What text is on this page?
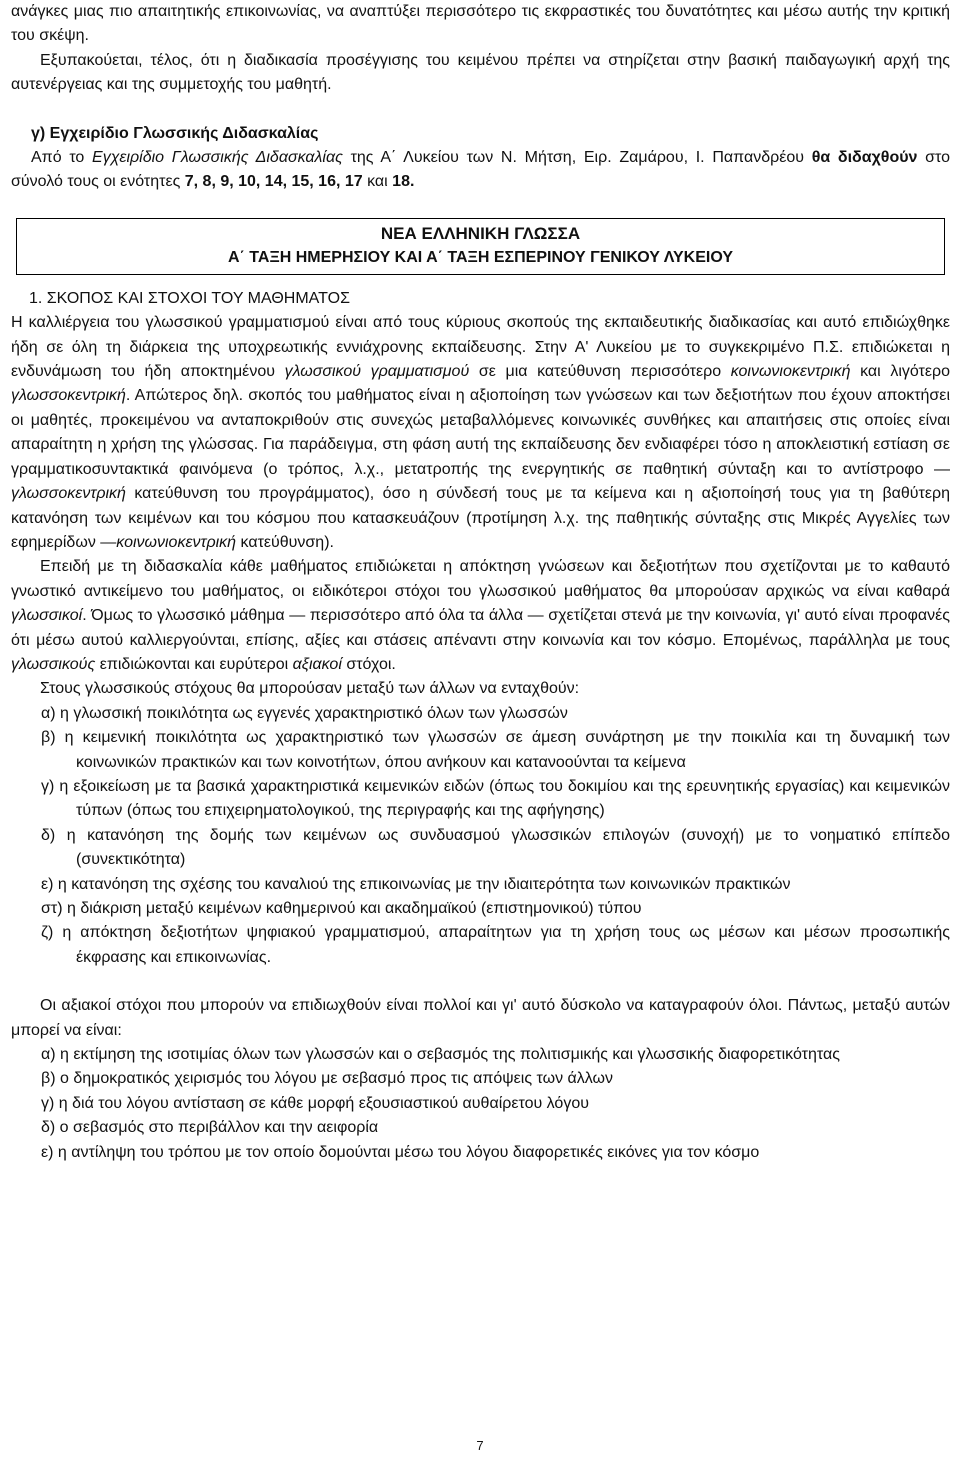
ανάγκες μιας πιο απαιτητικής επικοινωνίας, να αναπτύξει περισσότερο τις εκφραστικές του δυνατότητες και μέσω αυτής την κριτική του σκέψη.

Εξυπακούεται, τέλος, ότι η διαδικασία προσέγγισης του κειμένου πρέπει να στηρίζεται στην βασική παιδαγωγική αρχή της αυτενέργειας και της συμμετοχής του μαθητή.

γ) Εγχειρίδιο Γλωσσικής Διδασκαλίας

Από το Εγχειρίδιο Γλωσσικής Διδασκαλίας της Α΄ Λυκείου των Ν. Μήτση, Ειρ. Ζαμάρου, Ι. Παπανδρέου θα διδαχθούν στο σύνολό τους οι ενότητες 7, 8, 9, 10, 14, 15, 16, 17 και 18.

ΝΕΑ ΕΛΛΗΝΙΚΗ ΓΛΩΣΣΑ
Α΄ ΤΑΞΗ ΗΜΕΡΗΣΙΟΥ ΚΑΙ Α΄ ΤΑΞΗ ΕΣΠΕΡΙΝΟΥ ΓΕΝΙΚΟΥ ΛΥΚΕΙΟΥ

1. ΣΚΟΠΟΣ ΚΑΙ ΣΤΟΧΟΙ ΤΟΥ ΜΑΘΗΜΑΤΟΣ

Η καλλιέργεια του γλωσσικού γραμματισμού είναι από τους κύριους σκοπούς της εκπαιδευτικής διαδικασίας και αυτό επιδιώχθηκε ήδη σε όλη τη διάρκεια της υποχρεωτικής εννιάχρονης εκπαίδευσης. Στην Α' Λυκείου με το συγκεκριμένο Π.Σ. επιδιώκεται η ενδυνάμωση του ήδη αποκτημένου γλωσσικού γραμματισμού σε μια κατεύθυνση περισσότερο κοινωνιοκεντρική και λιγότερο γλωσσοκεντρική. Απώτερος δηλ. σκοπός του μαθήματος είναι η αξιοποίηση των γνώσεων και των δεξιοτήτων που έχουν αποκτήσει οι μαθητές, προκειμένου να ανταποκριθούν στις συνεχώς μεταβαλλόμενες κοινωνικές συνθήκες και απαιτήσεις στις οποίες είναι απαραίτητη η χρήση της γλώσσας. Για παράδειγμα, στη φάση αυτή της εκπαίδευσης δεν ενδιαφέρει τόσο η αποκλειστική εστίαση σε γραμματικοσυντακτικά φαινόμενα (ο τρόπος, λ.χ., μετατροπής της ενεργητικής σε παθητική σύνταξη και το αντίστροφο —γλωσσοκεντρική κατεύθυνση του προγράμματος), όσο η σύνδεσή τους με τα κείμενα και η αξιοποίησή τους για τη βαθύτερη κατανόηση των κειμένων και του κόσμου που κατασκευάζουν (προτίμηση λ.χ. της παθητικής σύνταξης στις Μικρές Αγγελίες των εφημερίδων —κοινωνιοκεντρική κατεύθυνση).

Επειδή με τη διδασκαλία κάθε μαθήματος επιδιώκεται η απόκτηση γνώσεων και δεξιοτήτων που σχετίζονται με το καθαυτό γνωστικό αντικείμενο του μαθήματος, οι ειδικότεροι στόχοι του γλωσσικού μαθήματος θα μπορούσαν αρχικώς να είναι καθαρά γλωσσικοί. Όμως το γλωσσικό μάθημα — περισσότερο από όλα τα άλλα — σχετίζεται στενά με την κοινωνία, γι' αυτό είναι προφανές ότι μέσω αυτού καλλιεργούνται, επίσης, αξίες και στάσεις απέναντι στην κοινωνία και τον κόσμο. Επομένως, παράλληλα με τους γλωσσικούς επιδιώκονται και ευρύτεροι αξιακοί στόχοι.

Στους γλωσσικούς στόχους θα μπορούσαν μεταξύ των άλλων να ενταχθούν:

α) η γλωσσική ποικιλότητα ως εγγενές χαρακτηριστικό όλων των γλωσσών

β) η κειμενική ποικιλότητα ως χαρακτηριστικό των γλωσσών σε άμεση συνάρτηση με την ποικιλία και τη δυναμική των κοινωνικών πρακτικών και των κοινοτήτων, όπου ανήκουν και κατανοούνται τα κείμενα

γ) η εξοικείωση με τα βασικά χαρακτηριστικά κειμενικών ειδών (όπως του δοκιμίου και της ερευνητικής εργασίας) και κειμενικών τύπων (όπως του επιχειρηματολογικού, της περιγραφής και της αφήγησης)

δ) η κατανόηση της δομής των κειμένων ως συνδυασμού γλωσσικών επιλογών (συνοχή) με το νοηματικό επίπεδο (συνεκτικότητα)

ε) η κατανόηση της σχέσης του καναλιού της επικοινωνίας με την ιδιαιτερότητα των κοινωνικών πρακτικών

στ) η διάκριση μεταξύ κειμένων καθημερινού και ακαδημαϊκού (επιστημονικού) τύπου

ζ) η απόκτηση δεξιοτήτων ψηφιακού γραμματισμού, απαραίτητων για τη χρήση τους ως μέσων και μέσων προσωπικής έκφρασης και επικοινωνίας.

Οι αξιακοί στόχοι που μπορούν να επιδιωχθούν είναι πολλοί και γι' αυτό δύσκολο να καταγραφούν όλοι. Πάντως, μεταξύ αυτών μπορεί να είναι:

α) η εκτίμηση της ισοτιμίας όλων των γλωσσών και ο σεβασμός της πολιτισμικής και γλωσσικής διαφορετικότητας

β) ο δημοκρατικός χειρισμός του λόγου με σεβασμό προς τις απόψεις των άλλων

γ) η διά του λόγου αντίσταση σε κάθε μορφή εξουσιαστικού αυθαίρετου λόγου

δ) ο σεβασμός στο περιβάλλον και την αειφορία

ε) η αντίληψη του τρόπου με τον οποίο δομούνται μέσω του λόγου διαφορετικές εικόνες για τον κόσμο

7
